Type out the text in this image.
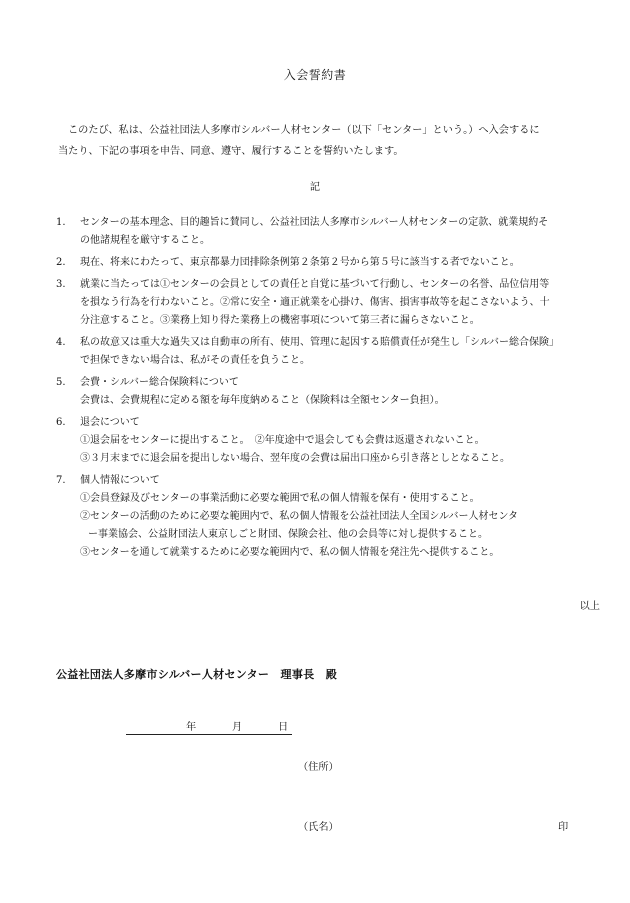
入会誓約書
このたび、私は、公益社団法人多摩市シルバー人材センター（以下「センター」という。）へ入会するに
当たり、下記の事項を申告、同意、遵守、履行することを誓約いたします。
記
1. センターの基本理念、目的趣旨に賛同し、公益社団法人多摩市シルバー人材センターの定款、就業規約そ
の他諸規程を厳守すること。
2. 現在、将来にわたって、東京都暴力団排除条例第２条第２号から第５号に該当する者でないこと。
3. 就業に当たっては①センターの会員としての責任と自覚に基づいて行動し、センターの名誉、品位信用等
を損なう行為を行わないこと。②常に安全・適正就業を心掛け、傷害、損害事故等を起こさないよう、十
分注意すること。③業務上知り得た業務上の機密事項について第三者に漏らさないこと。
4. 私の故意又は重大な過失又は自動車の所有、使用、管理に起因する賠償責任が発生し「シルバー総合保険」
で担保できない場合は、私がその責任を負うこと。
5. 会費・シルバー総合保険料について
会費は、会費規程に定める額を毎年度納めること（保険料は全額センター負担）。
6. 退会について
①退会届をセンターに提出すること。　②年度途中で退会しても会費は返還されないこと。
③３月末までに退会届を提出しない場合、翌年度の会費は届出口座から引き落としとなること。
7. 個人情報について
①会員登録及びセンターの事業活動に必要な範囲で私の個人情報を保有・使用すること。
②センターの活動のために必要な範囲内で、私の個人情報を公益社団法人全国シルバー人材センタ
ー事業協会、公益財団法人東京しごと財団、保険会社、他の会員等に対し提供すること。
③センターを通して就業するために必要な範囲内で、私の個人情報を発注先へ提供すること。
以上
公益社団法人多摩市シルバー人材センター　理事長　殿
年	月	日
（住所）
（氏名）	印
